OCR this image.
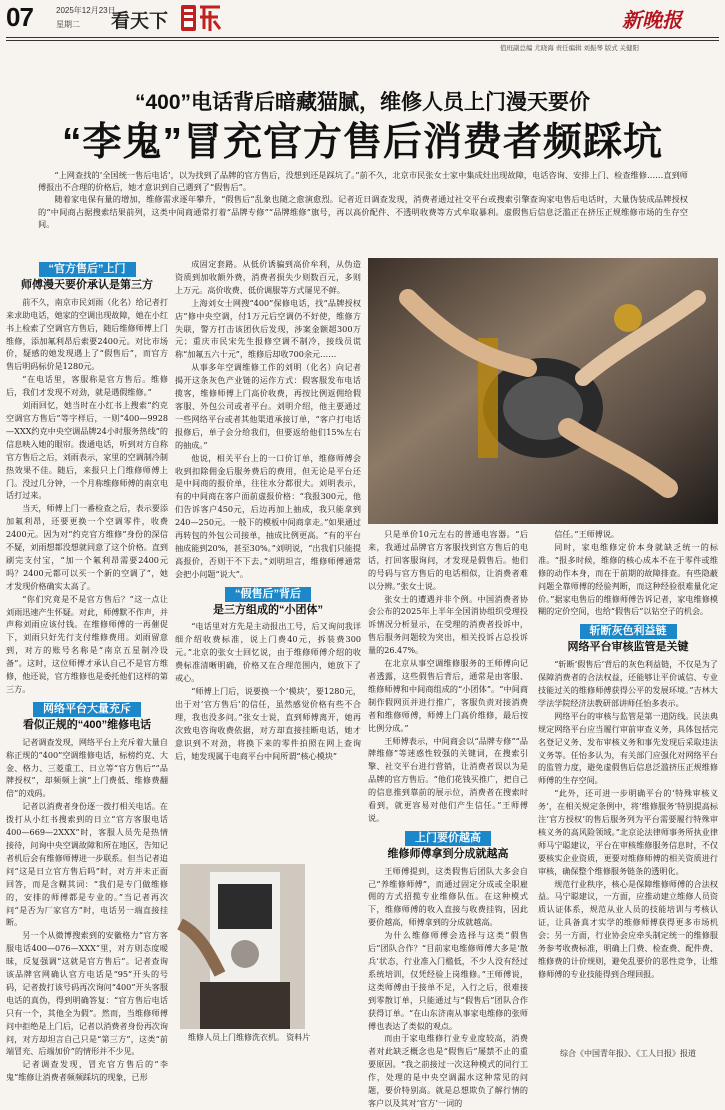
07	2025年12月23日
星期二 看天下	新晚报
值班副总编 尤晓海 责任编辑 刘振琴 版式 关健阳
“400”电话背后暗藏猫腻，维修人员上门漫天要价
“李鬼”冒充官方售后消费者频踩坑

“上网查找的‘全国统一售后电话’，以为找到了品牌的官方售后，没想到还是踩坑了。”前不久，北京市民张女士家中集成灶出现故障，电话咨询、安排上门、检查维修……直到师傅报出不合理的价格后，她才意识到自己遇到了“假售后”。

随着家电保有量的增加，维修需求逐年攀升，“假售后”乱象也随之愈演愈烈。记者近日调查发现，消费者通过社交平台或搜索引擎查询家电售后电话时，大量伪装成品牌授权的“中间商占据搜索结果前列，这类中间商通常打着“品牌专修”“品牌维修”旗号，再以高价配件、不透明收费等方式牟取暴利。虚假售后信息泛滥正在挤压正规维修市场的生存空间。

“官方售后”上门
师傅漫天要价承认是第三方

前不久，南京市民刘雨（化名）给记者打来求助电话，她家的空调出现故障，她在小红书上检索了空调官方售后，随后维修师傅上门维修，添加氟利昂后索要2400元。对比市场价，疑感的她发现遇上了“假售后”，而官方售后明码标价是1280元。

“在电话里，客服称是官方售后。维修后，我们才发现不对劲，就是遇假维修。”

刘雨回忆，她当时在小红书上搜索“约克空调官方售后”等字样后，一则“400—9928—XXX约克中央空调品牌24小时服务热线”的信息映入她的眼帘。拨通电话，听到对方自称官方售后之后，刘雨表示，家里的空调制冷制热效果不佳。随后，来报只上门维修师傅上门。没过几分钟，一个月称维修师傅的南京电话打过来。

当天，师傅上门一番检查之后，表示要添加氟利昂，还要更换一个空调零件，收费2400元。因为对“约克官方维修”身份的深信不疑，刘雨想都没想就同意了这个价格。直到刷完支付宝，“加一个氟利昂需要2400元吗？2400元都可以买一个新的空调了”，她才发现价格确实太高了。

“你们究竟是不是官方售后？”这一点让刘雨迅速产生怀疑。对此，师傅默不作声，并声称刘雨应该付钱。在维修师傅的一再催促下，刘雨只好先行支付维修费用。刘雨留意到，对方的账号名称是“南京五星制冷设备”。这时，这位师傅才承认自己不是官方维修，他还说，官方维修也是委托他们这样的第三方。

网络平台大量充斥
看似正规的“400”维修电话

记者调查发现，网络平台上充斥着大量自称正规的“400”空调维修电话，标榜约克、大金、格力、三菱重工、日立等“官方售后”“品牌授权”，却频频上演“上门费低、维修费翻倍”的戏码。

记者以消费者身份逐一拨打相关电话。在拨打从小红书搜索到的日立“官方客服电话400—669—2XXX”时，客服人员先是热情接待，问询中央空调故障和所在地区，告知记者机后会有维修师傅进一步联系。但当记者追问“这是日立官方售后吗”时，对方并未正面回答，而是含糊其词：“我们是专门做维修的，安排的师傅都是专业的。”当记者再次问“是否为厂家官方”时，电话另一端直接挂断。

另一个从微博搜索到的安徽格力“官方客服电话400—076—XXX”里，对方则态度暧昧，反复强调“这就是官方售后”。记者查询该品牌官网确认官方电话是“95”开头的号码，记者拨打该号码再次询问“400”开头客服电话的真伪，得到明确答复：“官方售后电话只有一个，其他全为假”。然而，当维修师傅问中拒绝是上门后，记者以消费者身份再次询问，对方却坦言自己只是“第三方”，这类“前端冒充、后端加价”的情形并不少见。

记者调查发现，冒充官方售后的“李鬼”维修让消费者频频踩坑的现象，已形

成固定套路。从低价诱骗到高价牟利，从伪造资质到加收额外费，消费者损失少则数百元，多则上万元。高价收费、低价调服等方式屡见不鲜。

上海刘女士网搜“400”保修电话，找“品牌授权店”修中央空调，付1万元后空调仍不好使，维修方失联，警方打击该团伙后发现，涉案金额超300万元；重庆市民宋先生报修空调不制冷，接线员谎称“加氟五六十元”，维修后却收700余元……

从事多年空调维修工作的刘明（化名）向记者揭开这条灰色产业链的运作方式：假客服发布电话揽客，维修师傅上门高价收费，再按比例返佣给假客服、外包公司或者平台。刘明介绍，他主要通过一些网络平台或者其他渠道承接订单，“客户打电话报修后，单子会分给我们，但要返给他们15%左右的抽成。”

他说，相关平台上的一口价订单，维修师傅会收到扣除佣金后服务费后的费用，但无论是平台还是中间商的报价单，往往水分都很大。刘明表示，有的中间商在客户面前虚报价格：“我报300元，他们告诉客户450元，后边再加上抽成，我只能拿到240—250元。一般下的模板中间商拿走。”如果通过再转包的外包公司接单，抽成比例更高。“有的平台抽成能到20%，甚至30%。”刘明说，“出我们只能提高报价，否则干不下去。”刘明坦言，维修师傅通常会把小问题“说大”。

“假售后”背后
是三方组成的“小团体”

“电话里对方先是主动报出工号，后又询问我详细介绍收费标准，说上门费40元，拆装费300元。”北京的张女士回忆说，由于维修师傅介绍的收费标准清晰明确，价格又在合理范围内，她放下了戒心。

“师傅上门后，说要换一个‘模块’，要1280元，出于对‘官方售后’的信任，虽然感觉价格有些不合理，我也没多问。”张女士说，直到师傅离开，她再次致电咨询收费依据，对方却直接挂断电话，她才意识到不对劲，将换下来的零件拍照在网上查询后，她发现属于电商平台中间所谓“核心模块”

维修人员上门维修洗衣机。 资料片

只是单价10元左右的普通电容器。“后来，我通过品牌官方客服找到官方售后的电话，打回客服询问，才发现是假售后。他们的号码与官方售后的电话相似，让消费者难以分辨。”张女士说。

张女士的遭遇并非个例。中国消费者协会公布的2025年上半年全国消协组织受理投诉情况分析显示，在受理的消费者投诉中，售后服务问题较为突出，相关投诉占总投诉量的26.47%。

在北京从事空调维修服务的王师傅向记者透露，这些假售后背后，通常是由客服、维修师傅和中间商组成的“小团体”。“中间商制作假网页并进行推广，客服负责对接消费者和维修师傅，师傅上门高价维修，最后按比例分成。”

王师傅表示，中间商会以“品牌专修”“品牌维修”等迷惑性较强的关键词，在搜索引擎、社交平台进行营销，让消费者误以为是品牌的官方售后。“他们花钱买推广，把自己的信息推到靠前的展示位，消费者在搜索时看到，就更容易对他们产生信任。”王师傅说。

上门要价越高
维修师傅拿到分成就越高

王师傅提到，这类假售后团队大多会自己“养维修师傅”，而通过固定分成或全职雇佣的方式招揽专业维修队伍。在这种模式下，维修师傅的收入直接与收费挂钩，因此要价越高，师傅拿到的分成就越高。

为什么维修师傅会选择与这类“假售后”团队合作？“目前家电维修师傅大多是‘散兵’状态，行业准入门槛低，不少人没有经过系统培训，仅凭经验上岗维修。”王师傅说，这类师傅由于接单不足，入行之后，很难接到零散订单，只能通过与“假售后”团队合作获得订单。“在山东济南从事家电维修的张师傅也表达了类似的观点。

而由于家电维修行业专业度较高，消费者对此缺乏概念也是“假售后”屡禁不止的重要原因。“我之前接过一次这种模式的同行工作，处理的是中央空调漏水这种常见的问题，要价特别高。就是总想欺负了解行情的客户以及其对‘官方’一词的

信任。”王师傅说。

同时，家电维修定价本身就缺乏统一的标准。“报多时候，维修的核心成本不在于零件或维修的动作本身，而在于前期的故障排查。有些隐蔽问题全靠师傅的经验判断，而这种经验很难量化定价。”据家电售后的维修师傅告诉记者，家电维修模糊的定价空间，也给“假售后”以钻空子的机会。

斩断灰色利益链
网络平台审核监管是关键

“斩断‘假售后’背后的灰色利益链，不仅是为了保障消费者的合法权益，还能够让平价诚信、专业技能过关的维修师傅获得公平的发展环境。”吉林大学法学院经济法教研部讲师任怡多表示。

网络平台的审核与监管是第一道防线。民法典规定网络平台应当履行审前审查义务，具体包括完名登记义务、发布审核义务和事先发现后采取违法义务等。任怡多认为，有关部门应强化对网络平台的监管力度，避免虚假售后信息泛滥挤压正规维修师傅的生存空间。

“此外，还可进一步明确平台的‘特殊审核义务’，在相关规定条例中，将‘维修服务’特别提高标注‘官方授权’的售后服务列为平台需要履行特殊审核义务的高风险领域。”北京论法律师事务所执业律师马宁聪建议，平台在审核维修服务信息时，不仅要核实企业资质，更要对维修师傅的相关资质进行审核，确保整个维修服务链条的透明化。

规范行业秩序，核心是保障维修师傅的合法权益。马宁聪建议，一方面，应推动建立维修人员资质认证体系，规范从业人员的技能培训与考核认证，让具备真才实学的维修师傅获得更多市场机会；另一方面，行业协会应牵头制定统一的维修服务参考收费标准，明确上门费、检查费、配件费、维修费的计价规则，避免乱要价的恶性竞争，让维修师傅的专业技能得到合理回报。

综合《中国青年报》、《工人日报》报道
